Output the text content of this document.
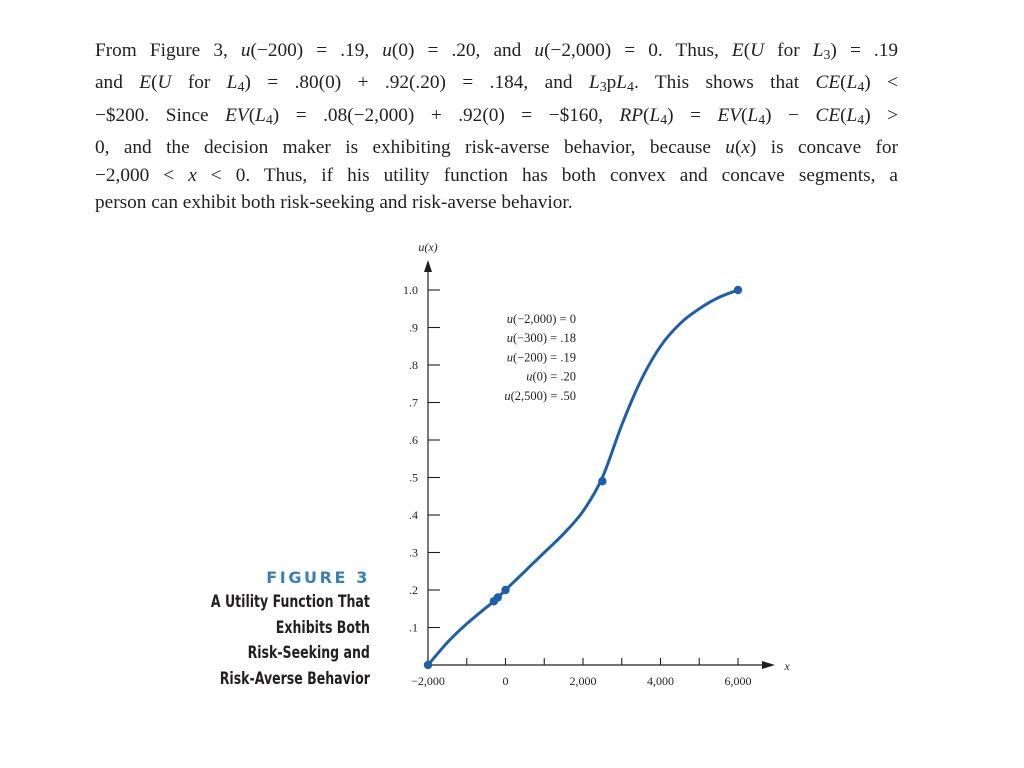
From Figure 3, u(−200) = .19, u(0) = .20, and u(−2,000) = 0. Thus, E(U for $L_3) = .19$
and E(U for $L_4) = .80(0) + .92(.20) = .184$, and $L_3pL_4$. This shows that $CE(L_4)$ <
−$200. Since $EV(L_4) = .08(-2,000) + .92(0)$ = −$160, $RP(L_4) = EV(L_4) - CE(L_4)$ >
0, and the decision maker is exhibiting risk-averse behavior, because u(x) is concave for
−2,000 < x < 0. Thus, if his utility function has both convex and concave segments, a
person can exhibit both risk-seeking and risk-averse behavior.
FIGURE 3
A Utility Function That
Exhibits Both
Risk-Seeking and
Risk-Averse Behavior
.1
.2
.3
.4
.5
.6
.7
.8
.9
1.0
−2,000	0	2,000	4,000	6,000
u(x)
x
u(−2,000) = 0
u(−300) = .18
u(−200) = .19
u(0) = .20
u(2,500) = .50
